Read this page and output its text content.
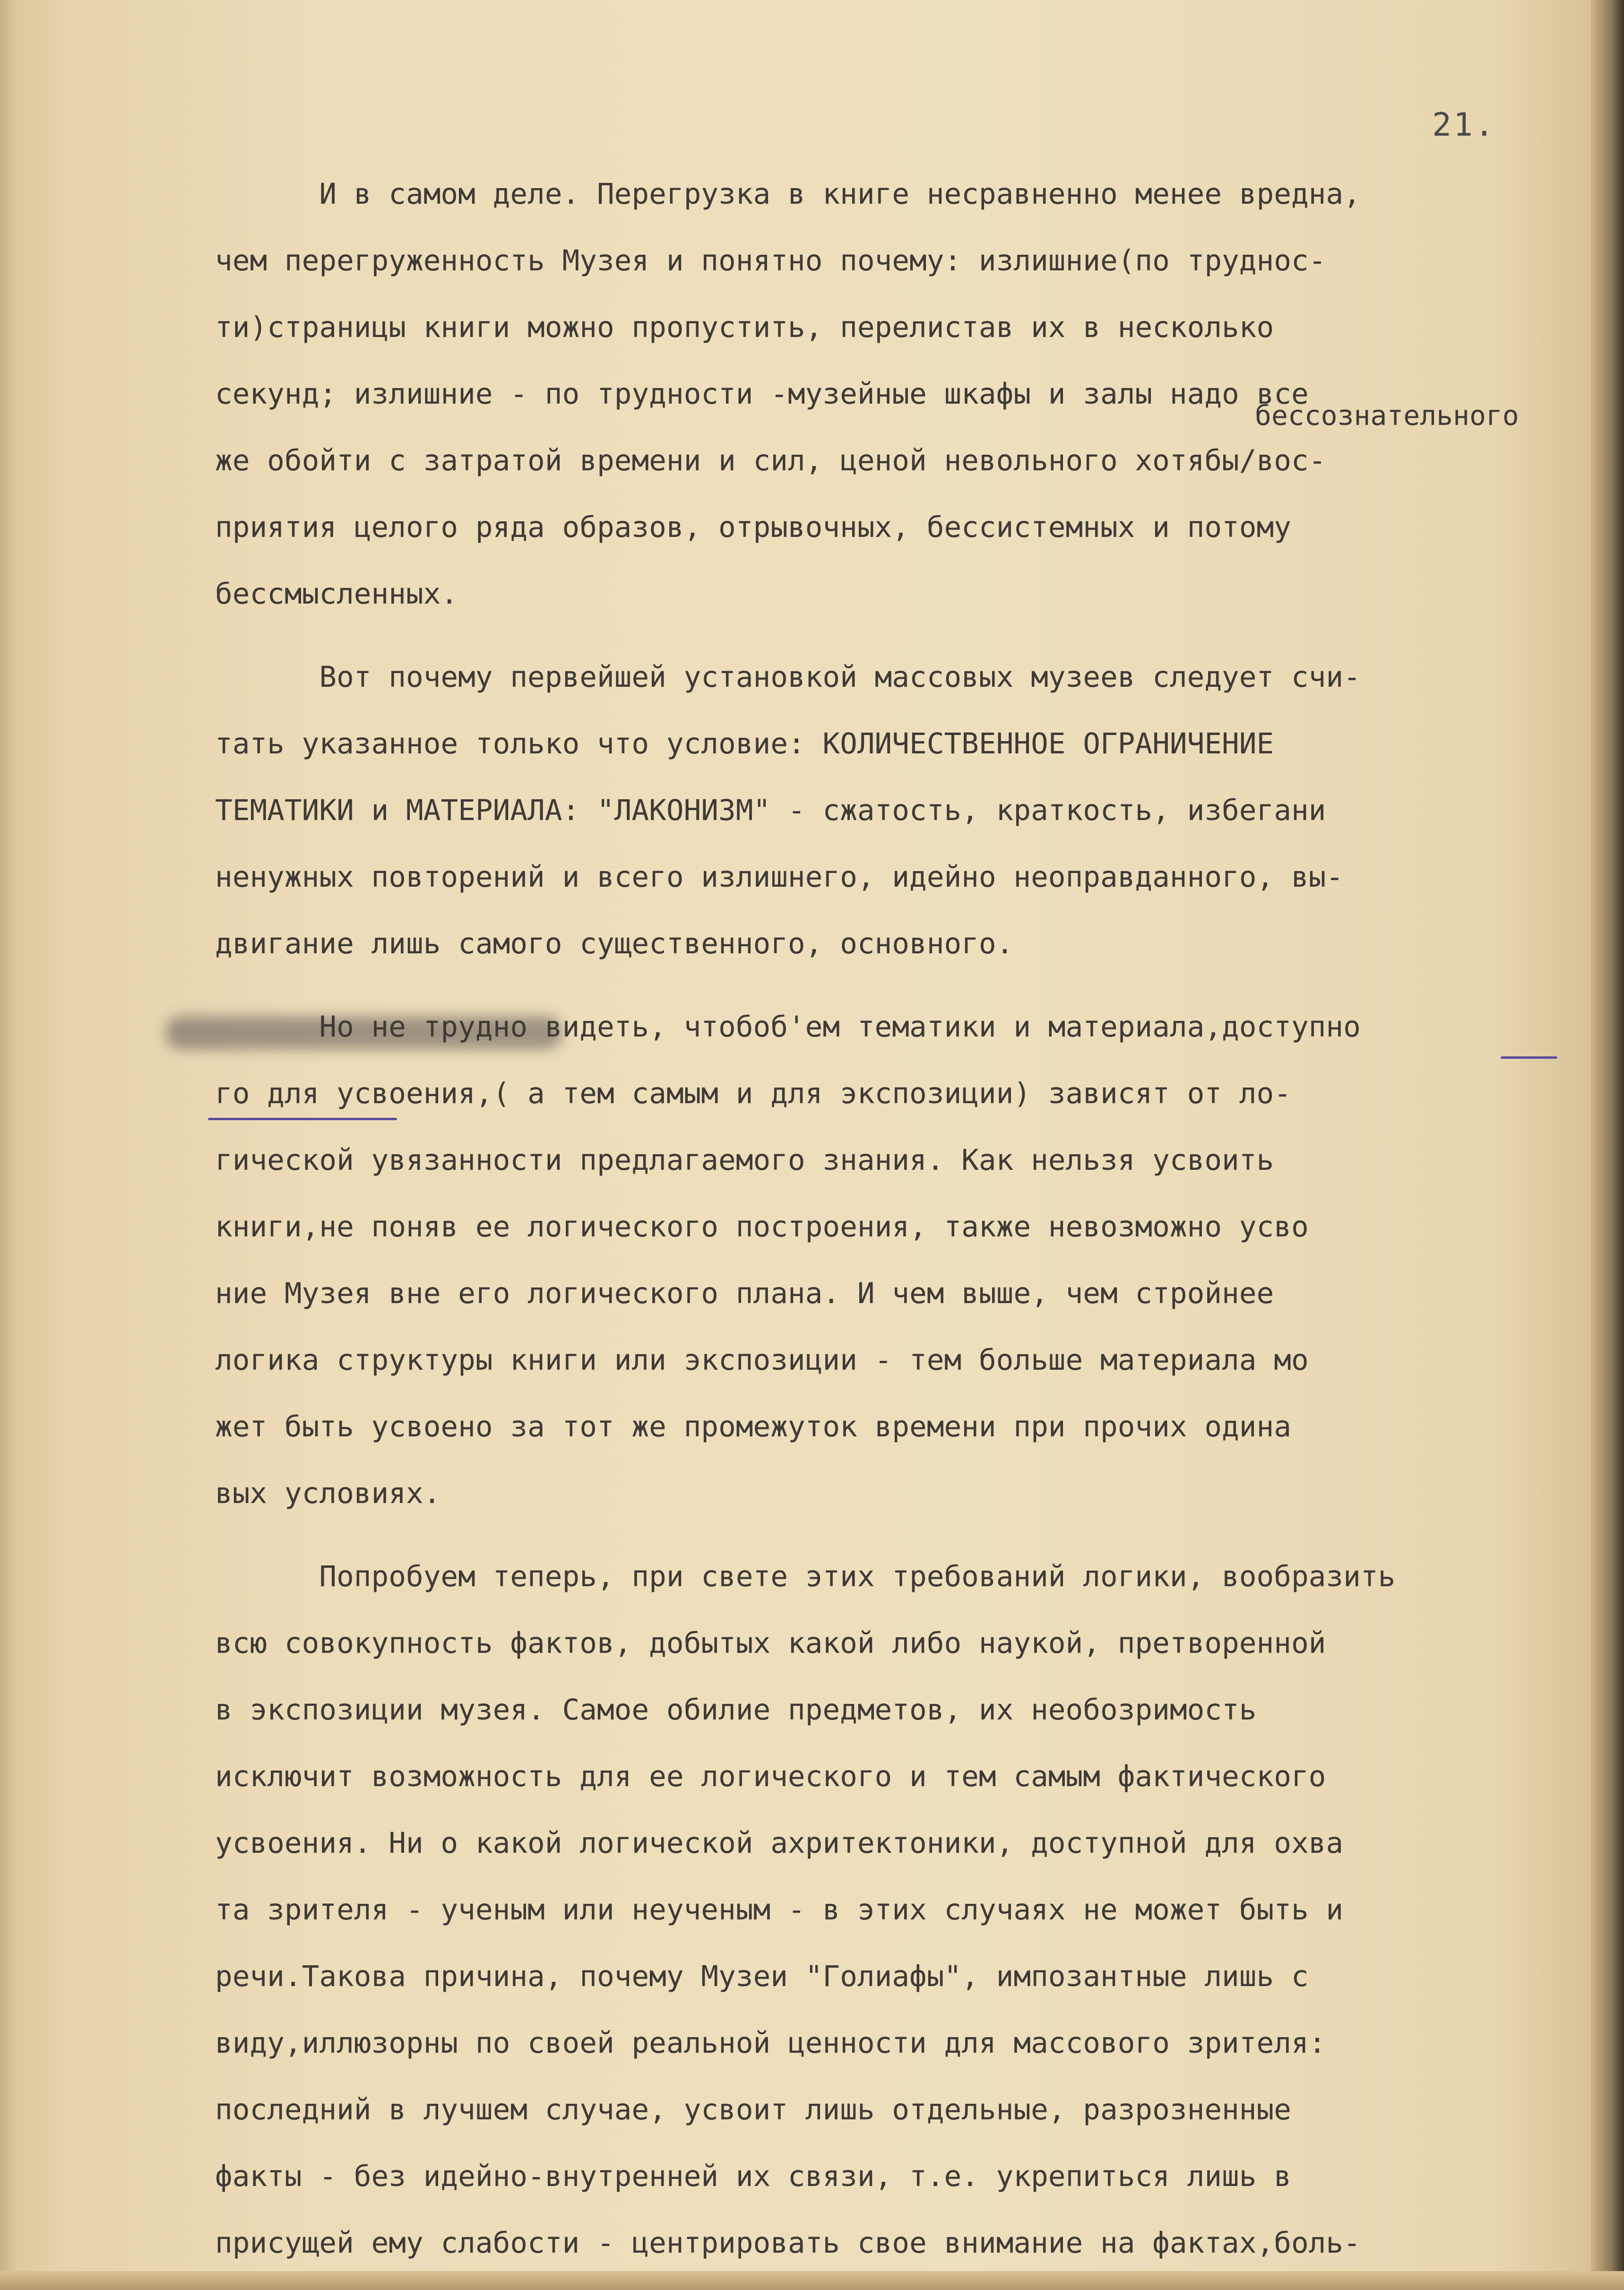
21.
бессознательного
И в самом деле. Перегрузка в книге несравненно менее вредна,
чем перегруженность Музея и понятно почему: излишние(по труднос-
ти)страницы книги можно пропустить, перелистав их в несколько
секунд; излишние - по трудности -музейные шкафы и залы надо все
же обойти с затратой времени и сил, ценой невольного хотябы/вос-
приятия целого ряда образов, отрывочных, бессистемных и потому
бессмысленных.
Вот почему первейшей установкой массовых музеев следует счи-
тать указанное только что условие: КОЛИЧЕСТВЕННОЕ ОГРАНИЧЕНИЕ
ТЕМАТИКИ и МАТЕРИАЛА: "ЛАКОНИЗМ" - сжатость, краткость, избегани
ненужных повторений и всего излишнего, идейно неоправданного, вы-
двигание лишь самого существенного, основного.
Но не трудно видеть, чтобоб'ем тематики и материала,доступно
го для усвоения,( а тем самым и для экспозиции) зависят от ло-
гической увязанности предлагаемого знания. Как нельзя усвоить
книги,не поняв ее логического построения, также невозможно усво
ние Музея вне его логического плана. И чем выше, чем стройнее
логика структуры книги или экспозиции - тем больше материала мо
жет быть усвоено за тот же промежуток времени при прочих одина
вых условиях.
Попробуем теперь, при свете этих требований логики, вообразить
всю совокупность фактов, добытых какой либо наукой, претворенной
в экспозиции музея. Самое обилие предметов, их необозримость
исключит возможность для ее логического и тем самым фактического
усвоения. Ни о какой логической ахритектоники, доступной для охва
та зрителя - ученым или неученым - в этих случаях не может быть и
речи.Такова причина, почему Музеи "Голиафы", импозантные лишь с
виду,иллюзорны по своей реальной ценности для массового зрителя:
последний в лучшем случае, усвоит лишь отдельные, разрозненные
факты - без идейно-внутренней их связи, т.е. укрепиться лишь в
присущей ему слабости - центрировать свое внимание на фактах,боль-
